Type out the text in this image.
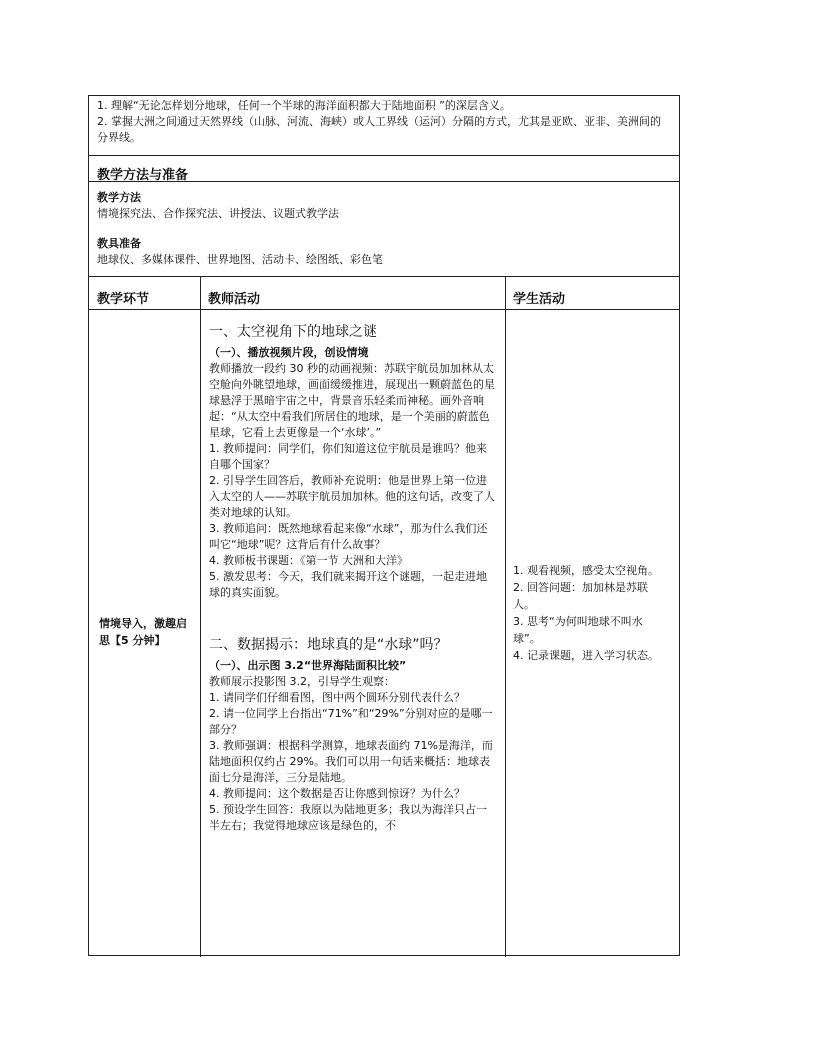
1. 理解“无论怎样划分地球，任何一个半球的海洋面积都大于陆地面积 ”的深层含义。
2. 掌握大洲之间通过天然界线（山脉、河流、海峡）或人工界线（运河）分隔的方式，尤其是亚欧、亚非、美洲间的分界线。
教学方法与准备
教学方法
情境探究法、合作探究法、讲授法、议题式教学法
教具准备
地球仪、多媒体课件、世界地图、活动卡、绘图纸、彩色笔
教学环节	教师活动	学生活动
情境导入，激趣启思【5 分钟】
一、太空视角下的地球之谜
（一）、播放视频片段，创设情境
教师播放一段约 30 秒的动画视频：苏联宇航员加加林从太空舱向外眺望地球，画面缓缓推进，展现出一颗蔚蓝色的星球悬浮于黑暗宇宙之中，背景音乐轻柔而神秘。画外音响起：“从太空中看我们所居住的地球，是一个美丽的蔚蓝色星球，它看上去更像是一个‘水球’。”
1. 教师提问：同学们，你们知道这位宇航员是谁吗？他来自哪个国家？
2. 引导学生回答后，教师补充说明：他是世界上第一位进入太空的人——苏联宇航员加加林。他的这句话，改变了人类对地球的认知。
3. 教师追问：既然地球看起来像“水球”，那为什么我们还叫它“地球”呢？这背后有什么故事？
4. 教师板书课题：《第一节 大洲和大洋》
5. 激发思考：今天，我们就来揭开这个谜题，一起走进地球的真实面貌。
二、数据揭示：地球真的是“水球”吗？
（一）、出示图 3.2“世界海陆面积比较”
教师展示投影图 3.2，引导学生观察：
1. 请同学们仔细看图，图中两个圆环分别代表什么？
2. 请一位同学上台指出“71%”和“29%”分别对应的是哪一部分？
3. 教师强调：根据科学测算，地球表面约 71%是海洋，而陆地面积仅约占 29%。我们可以用一句话来概括：地球表面七分是海洋，三分是陆地。
4. 教师提问：这个数据是否让你感到惊讶？为什么？
5. 预设学生回答：我原以为陆地更多；我以为海洋只占一半左右；我觉得地球应该是绿色的，不
1. 观看视频，感受太空视角。
2. 回答问题：加加林是苏联人。
3. 思考“为何叫地球不叫水球”。
4. 记录课题，进入学习状态。
